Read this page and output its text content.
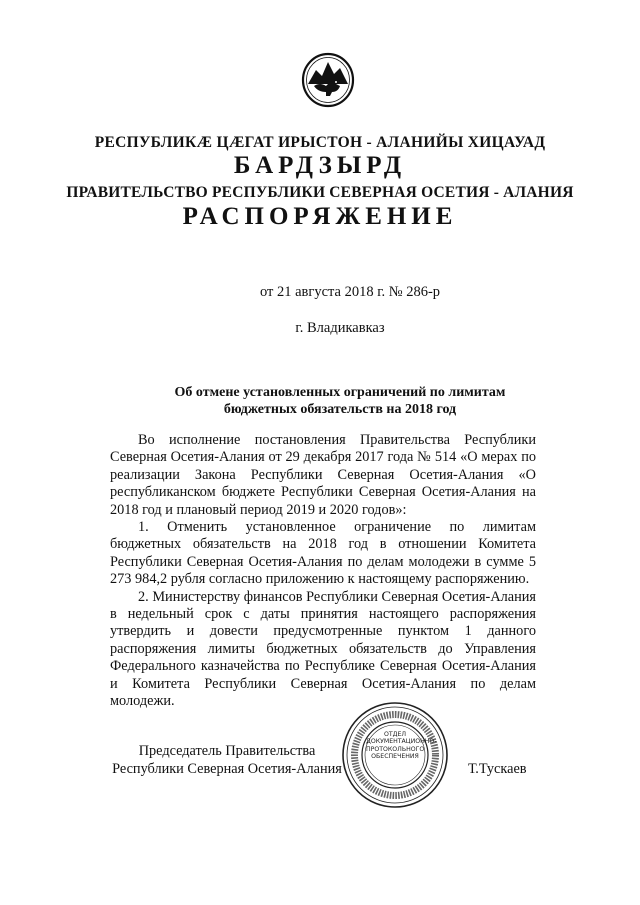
РЕСПУБЛИКӔ ЦӔГАТ ИРЫСТОН - АЛАНИЙЫ ХИЦАУАД
БАРДЗЫРД
ПРАВИТЕЛЬСТВО РЕСПУБЛИКИ СЕВЕРНАЯ ОСЕТИЯ - АЛАНИЯ
РАСПОРЯЖЕНИЕ
от 21 августа 2018 г. № 286-р
г. Владикавказ
Об отмене установленных ограничений по лимитам
бюджетных обязательств на 2018 год

Во исполнение постановления Правительства Республики Северная Осетия-Алания от 29 декабря 2017 года № 514 «О мерах по реализации Закона Республики Северная Осетия-Алания «О республиканском бюджете Республики Северная Осетия-Алания на 2018 год и плановый период 2019 и 2020 годов»:

1. Отменить установленное ограничение по лимитам бюджетных обязательств на 2018 год в отношении Комитета Республики Северная Осетия-Алания по делам молодежи в сумме 5 273 984,2 рубля согласно приложению к настоящему распоряжению.

2. Министерству финансов Республики Северная Осетия-Алания в недельный срок с даты принятия настоящего распоряжения утвердить и довести предусмотренные пунктом 1 данного распоряжения лимиты бюджетных обязательств до Управления Федерального казначейства по Республике Северная Осетия-Алания и Комитета Республики Северная Осетия-Алания по делам молодежи.

ОТДЕЛ
ДОКУМЕНТАЦИОННО-
ПРОТОКОЛЬНОГО
ОБЕСПЕЧЕНИЯ
Председатель Правительства
Республики Северная Осетия-Алания	Т.Тускаев
